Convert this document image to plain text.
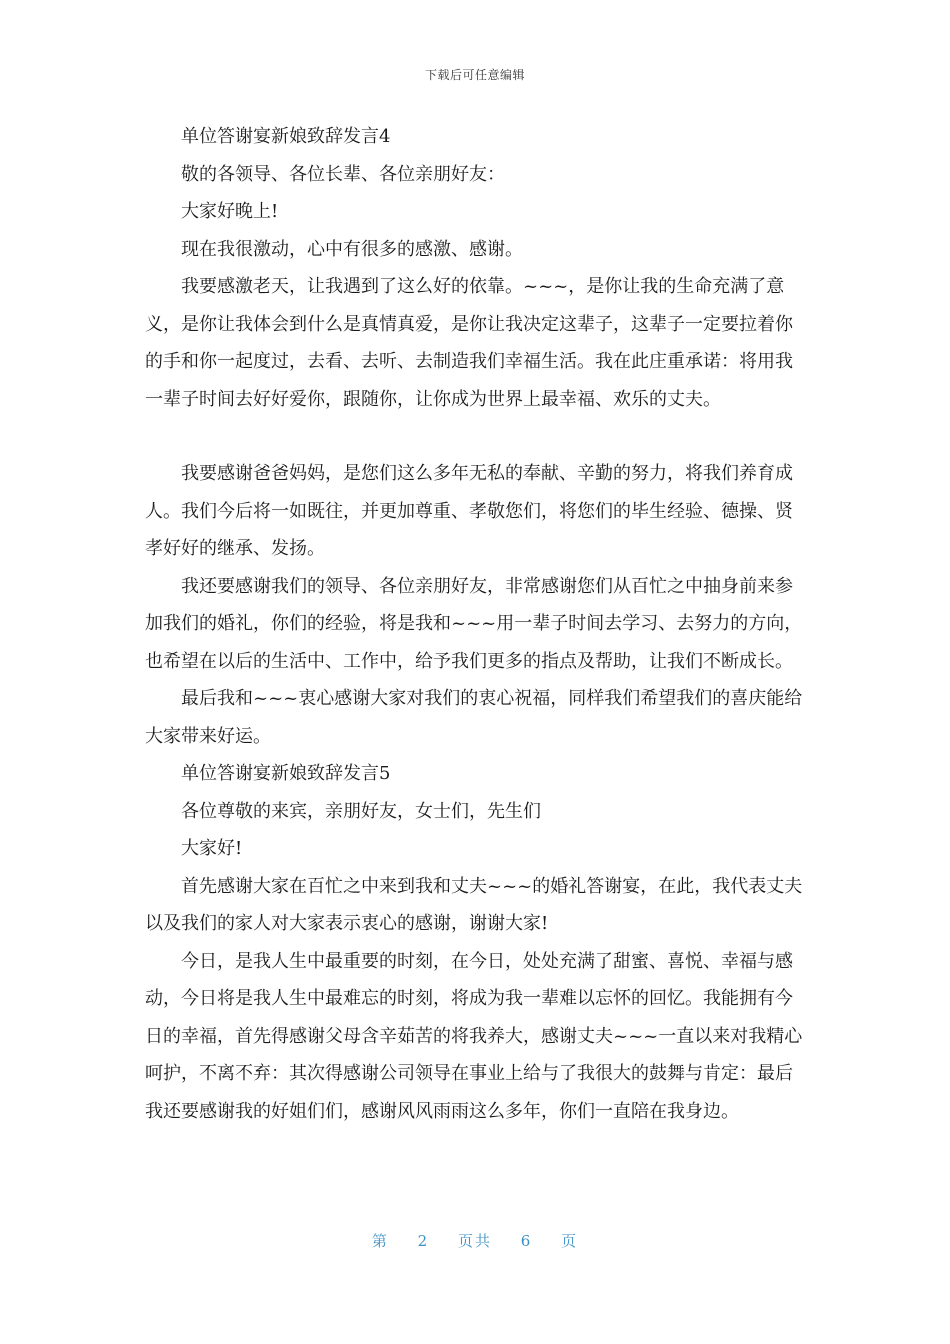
下载后可任意编辑

单位答谢宴新娘致辞发言4

敬的各领导、各位长辈、各位亲朋好友：

大家好晚上!

现在我很激动，心中有很多的感激、感谢。

我要感激老天，让我遇到了这么好的依靠。~~~，是你让我的生命充满了意义，是你让我体会到什么是真情真爱，是你让我决定这辈子，这辈子一定要拉着你的手和你一起度过，去看、去听、去制造我们幸福生活。我在此庄重承诺：将用我一辈子时间去好好爱你，跟随你，让你成为世界上最幸福、欢乐的丈夫。

我要感谢爸爸妈妈，是您们这么多年无私的奉献、辛勤的努力，将我们养育成人。我们今后将一如既往，并更加尊重、孝敬您们，将您们的毕生经验、德操、贤孝好好的继承、发扬。

我还要感谢我们的领导、各位亲朋好友，非常感谢您们从百忙之中抽身前来参加我们的婚礼，你们的经验，将是我和~~~用一辈子时间去学习、去努力的方向，也希望在以后的生活中、工作中，给予我们更多的指点及帮助，让我们不断成长。

最后我和~~~衷心感谢大家对我们的衷心祝福，同样我们希望我们的喜庆能给大家带来好运。

单位答谢宴新娘致辞发言5

各位尊敬的来宾，亲朋好友，女士们，先生们

大家好!

首先感谢大家在百忙之中来到我和丈夫~~~的婚礼答谢宴，在此，我代表丈夫以及我们的家人对大家表示衷心的感谢，谢谢大家!

今日，是我人生中最重要的时刻，在今日，处处充满了甜蜜、喜悦、幸福与感动，今日将是我人生中最难忘的时刻，将成为我一辈难以忘怀的回忆。我能拥有今日的幸福，首先得感谢父母含辛茹苦的将我养大，感谢丈夫~~~一直以来对我精心呵护，不离不弃：其次得感谢公司领导在事业上给与了我很大的鼓舞与肯定：最后我还要感谢我的好姐们们，感谢风风雨雨这么多年，你们一直陪在我身边。

第 2 页共 6 页
